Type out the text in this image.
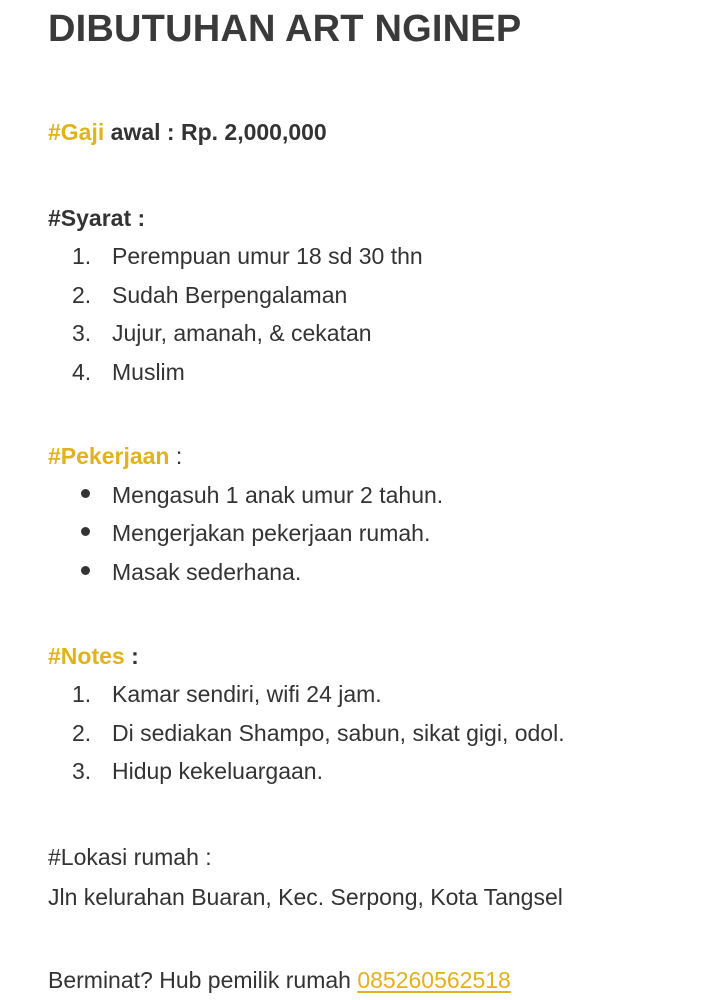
DIBUTUHAN ART NGINEP
#Gaji awal : Rp. 2,000,000
#Syarat :
1. Perempuan umur 18 sd 30 thn
2. Sudah Berpengalaman
3. Jujur, amanah, & cekatan
4. Muslim
#Pekerjaan :
Mengasuh 1 anak umur 2 tahun.
Mengerjakan pekerjaan rumah.
Masak sederhana.
#Notes :
1. Kamar sendiri, wifi 24 jam.
2. Di sediakan Shampo, sabun, sikat gigi, odol.
3. Hidup kekeluargaan.
#Lokasi rumah :
Jln kelurahan Buaran, Kec. Serpong, Kota Tangsel
Berminat? Hub pemilik rumah 085260562518
